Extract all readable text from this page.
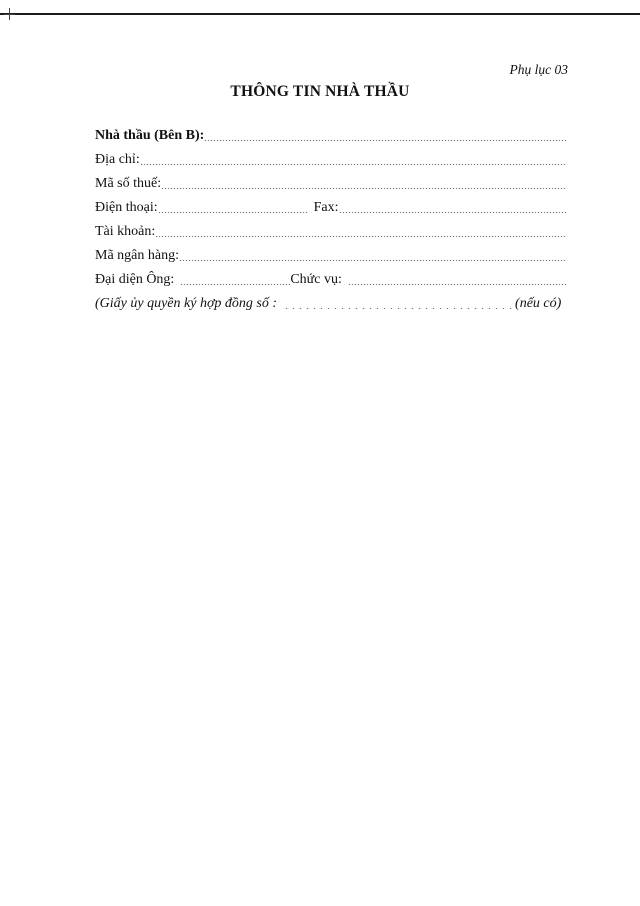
Phụ lục 03
THÔNG TIN NHÀ THẦU
Nhà thầu (Bên B):
Địa chỉ:
Mã số thuế:
Điện thoại:	Fax:
Tài khoản:
Mã ngân hàng:
Đại diện Ông:	Chức vụ:
(Giấy ủy quyền ký hợp đồng số :	(nếu có)
